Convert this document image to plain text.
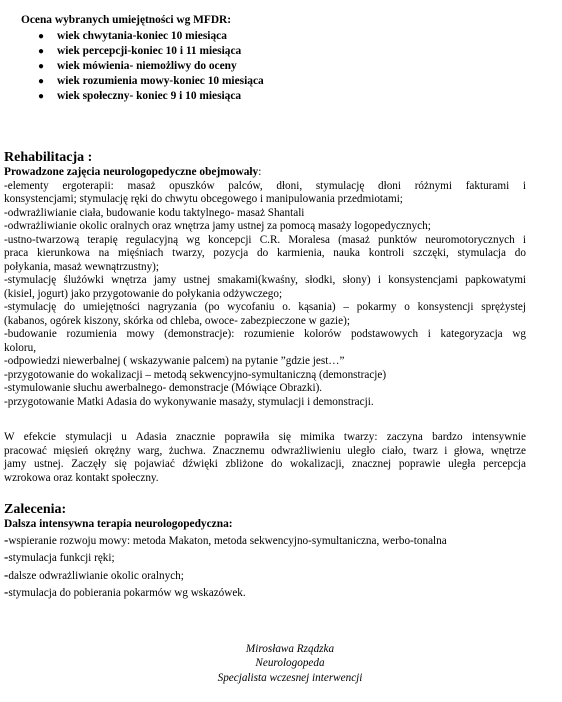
Ocena wybranych umiejętności wg MFDR:

● wiek chwytania-koniec 10 miesiąca
● wiek percepcji-koniec 10 i 11 miesiąca
● wiek mówienia- niemożliwy do oceny
● wiek rozumienia mowy-koniec 10 miesiąca
● wiek społeczny- koniec 9 i 10 miesiąca

Rehabilitacja :

Prowadzone zajęcia neurologopedyczne obejmowały:

-elementy ergoterapii: masaż opuszków palców, dłoni, stymulację dłoni różnymi fakturami i

konsystencjami; stymulację ręki do chwytu obcegowego i manipulowania przedmiotami;

-odwrażliwianie ciała, budowanie kodu taktylnego- masaż Shantali

-odwrażliwianie okolic oralnych oraz wnętrza jamy ustnej za pomocą masaży logopedycznych;

-ustno-twarzową terapię regulacyjną wg koncepcji C.R. Moralesa (masaż punktów neuromotorycznych i

praca kierunkowa na mięśniach twarzy, pozycja do karmienia, nauka kontroli szczęki, stymulacja do

połykania, masaż wewnątrzustny);

-stymulację ślużówki wnętrza jamy ustnej smakami(kwaśny, słodki, słony) i konsystencjami papkowatymi

(kisiel, jogurt) jako przygotowanie do połykania odżywczego;

-stymulację do umiejętności nagryzania (po wycofaniu o. kąsania) – pokarmy o konsystencji sprężystej

(kabanos, ogórek kiszony, skórka od chleba, owoce- zabezpieczone w gazie);

-budowanie rozumienia mowy (demonstracje): rozumienie kolorów podstawowych i kategoryzacja wg

koloru,

-odpowiedzi niewerbalnej ( wskazywanie palcem) na pytanie ”gdzie jest…”

-przygotowanie do wokalizacji – metodą sekwencyjno-symultaniczną (demonstracje)

-stymulowanie słuchu awerbalnego- demonstracje (Mówiące Obrazki).

-przygotowanie Matki Adasia do wykonywanie masaży, stymulacji i demonstracji.

W efekcie stymulacji u Adasia znacznie poprawiła się mimika twarzy: zaczyna bardzo intensywnie

pracować mięsień okrężny warg, żuchwa. Znacznemu odwrażliwieniu uległo ciało, twarz i głowa, wnętrze

jamy ustnej. Zaczęły się pojawiać dźwięki zbliżone do wokalizacji, znacznej poprawie uległa percepcja

wzrokowa oraz kontakt społeczny.

Zalecenia:

Dalsza intensywna terapia neurologopedyczna:

-wspieranie rozwoju mowy: metoda Makaton, metoda sekwencyjno-symultaniczna, werbo-tonalna

-stymulacja funkcji ręki;

-dalsze odwrażliwianie okolic oralnych;

-stymulacja do pobierania pokarmów wg wskazówek.

Mirosława Rządzka
Neurologopeda
Specjalista wczesnej interwencji
